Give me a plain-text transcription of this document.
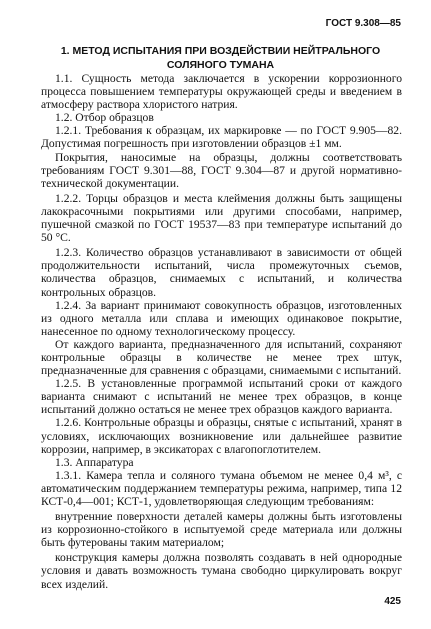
ГОСТ 9.308—85
1. МЕТОД ИСПЫТАНИЯ ПРИ ВОЗДЕЙСТВИИ НЕЙТРАЛЬНОГО СОЛЯНОГО ТУМАНА

1.1. Сущность метода заключается в ускорении коррозионного процесса повышением температуры окружающей среды и введением в атмосферу раствора хлористого натрия.

1.2. Отбор образцов

1.2.1. Требования к образцам, их маркировке — по ГОСТ 9.905—82. Допустимая погрешность при изготовлении образцов ±1 мм.

Покрытия, наносимые на образцы, должны соответствовать требованиям ГОСТ 9.301—88, ГОСТ 9.304—87 и другой нормативно-технической документации.

1.2.2. Торцы образцов и места клеймения должны быть защищены лакокрасочными покрытиями или другими способами, например, пушечной смазкой по ГОСТ 19537—83 при температуре испытаний до 50 °С.

1.2.3. Количество образцов устанавливают в зависимости от общей продолжительности испытаний, числа промежуточных съемов, количества образцов, снимаемых с испытаний, и количества контрольных образцов.

1.2.4. За вариант принимают совокупность образцов, изготовленных из одного металла или сплава и имеющих одинаковое покрытие, нанесенное по одному технологическому процессу.

От каждого варианта, предназначенного для испытаний, сохраняют контрольные образцы в количестве не менее трех штук, предназначенные для сравнения с образцами, снимаемыми с испытаний.

1.2.5. В установленные программой испытаний сроки от каждого варианта снимают с испытаний не менее трех образцов, в конце испытаний должно остаться не менее трех образцов каждого варианта.

1.2.6. Контрольные образцы и образцы, снятые с испытаний, хранят в условиях, исключающих возникновение или дальнейшее развитие коррозии, например, в эксикаторах с влагопоглотителем.

1.3. Аппаратура

1.3.1. Камера тепла и соляного тумана объемом не менее 0,4 м³, с автоматическим поддержанием температуры режима, например, типа 12 КСТ-0,4—001; КСТ-1, удовлетворяющая следующим требованиям:

внутренние поверхности деталей камеры должны быть изготовлены из коррозионно-стойкого в испытуемой среде материала или должны быть футерованы таким материалом;

конструкция камеры должна позволять создавать в ней однородные условия и давать возможность тумана свободно циркулировать вокруг всех изделий.

425
